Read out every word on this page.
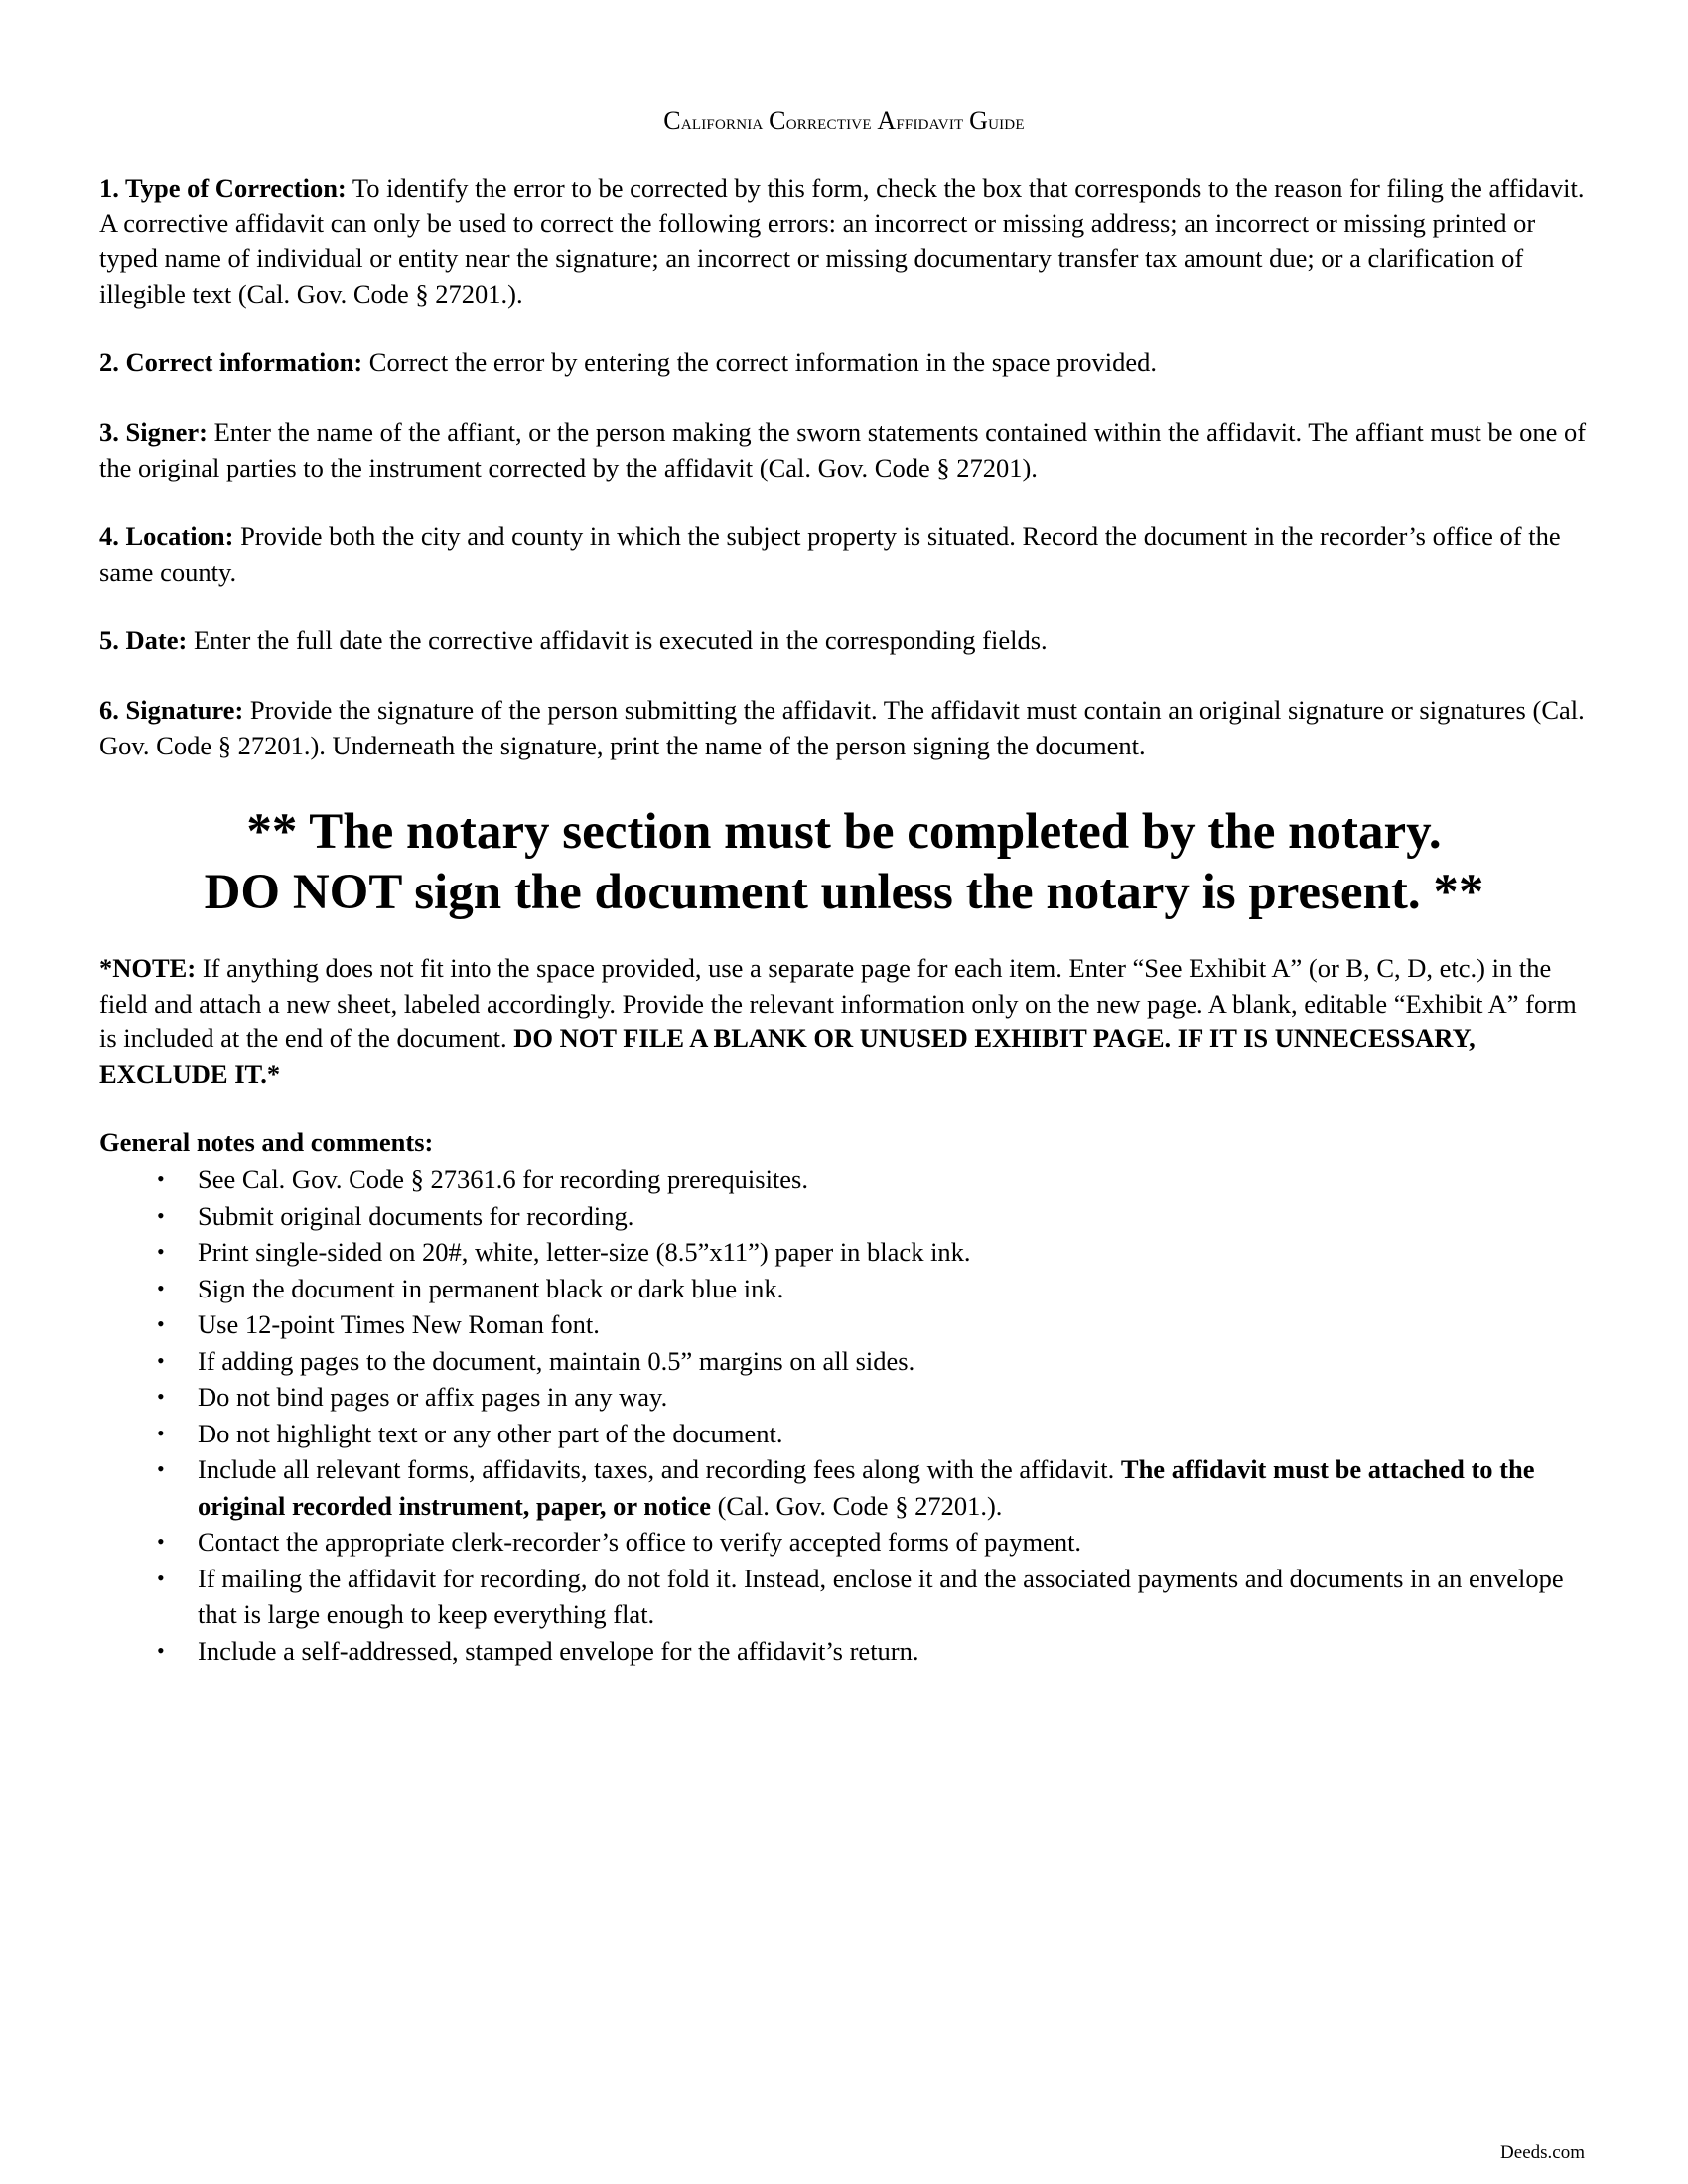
California Corrective Affidavit Guide

1. Type of Correction: To identify the error to be corrected by this form, check the box that corresponds to the reason for filing the affidavit. A corrective affidavit can only be used to correct the following errors: an incorrect or missing address; an incorrect or missing printed or typed name of individual or entity near the signature; an incorrect or missing documentary transfer tax amount due; or a clarification of illegible text (Cal. Gov. Code § 27201.).

2. Correct information: Correct the error by entering the correct information in the space provided.

3. Signer: Enter the name of the affiant, or the person making the sworn statements contained within the affidavit. The affiant must be one of the original parties to the instrument corrected by the affidavit (Cal. Gov. Code § 27201).

4. Location: Provide both the city and county in which the subject property is situated. Record the document in the recorder’s office of the same county.

5. Date: Enter the full date the corrective affidavit is executed in the corresponding fields.

6. Signature: Provide the signature of the person submitting the affidavit. The affidavit must contain an original signature or signatures (Cal. Gov. Code § 27201.). Underneath the signature, print the name of the person signing the document.

** The notary section must be completed by the notary.
DO NOT sign the document unless the notary is present. **

*NOTE: If anything does not fit into the space provided, use a separate page for each item. Enter “See Exhibit A” (or B, C, D, etc.) in the field and attach a new sheet, labeled accordingly. Provide the relevant information only on the new page. A blank, editable “Exhibit A” form is included at the end of the document. DO NOT FILE A BLANK OR UNUSED EXHIBIT PAGE. IF IT IS UNNECESSARY, EXCLUDE IT.*

General notes and comments:

• See Cal. Gov. Code § 27361.6 for recording prerequisites.
• Submit original documents for recording.
• Print single-sided on 20#, white, letter-size (8.5”x11”) paper in black ink.
• Sign the document in permanent black or dark blue ink.
• Use 12-point Times New Roman font.
• If adding pages to the document, maintain 0.5” margins on all sides.
• Do not bind pages or affix pages in any way.
• Do not highlight text or any other part of the document.
• Include all relevant forms, affidavits, taxes, and recording fees along with the affidavit. The affidavit must be attached to the original recorded instrument, paper, or notice (Cal. Gov. Code § 27201.).
• Contact the appropriate clerk-recorder’s office to verify accepted forms of payment.
• If mailing the affidavit for recording, do not fold it. Instead, enclose it and the associated payments and documents in an envelope that is large enough to keep everything flat.
• Include a self-addressed, stamped envelope for the affidavit’s return.

Deeds.com
